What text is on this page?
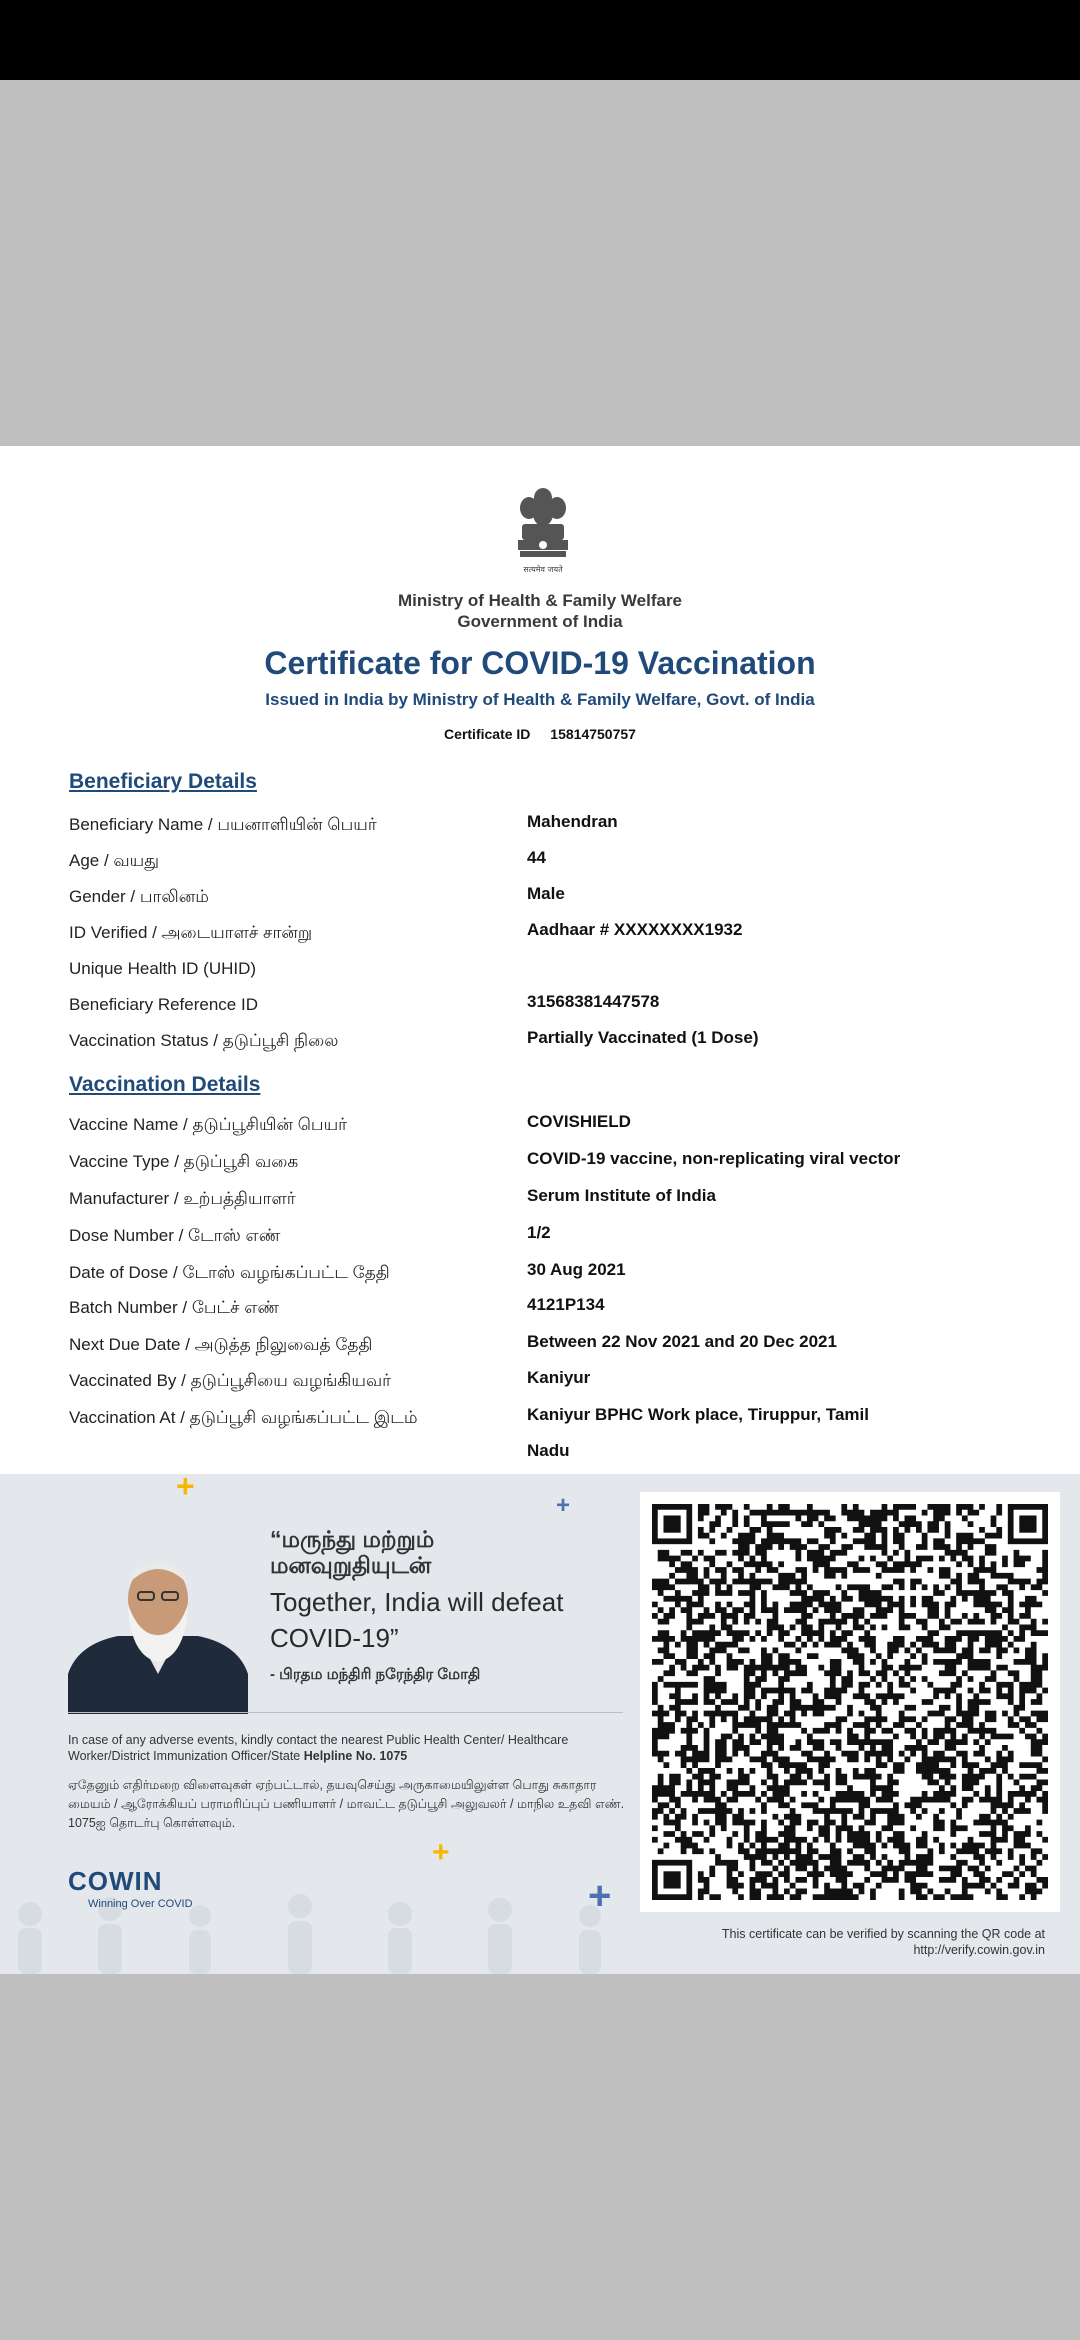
सत्यमेव जयते
Ministry of Health & Family Welfare
Government of India
Certificate for COVID-19 Vaccination
Issued in India by Ministry of Health & Family Welfare, Govt. of India
Certificate ID 15814750757
Beneficiary Details
Beneficiary Name / பயனாளியின் பெயர்	Mahendran
Age / வயது	44
Gender / பாலினம்	Male
ID Verified / அடையாளச் சான்று	Aadhaar # XXXXXXXX1932
Unique Health ID (UHID)
Beneficiary Reference ID	31568381447578
Vaccination Status / தடுப்பூசி நிலை	Partially Vaccinated (1 Dose)
Vaccination Details
Vaccine Name / தடுப்பூசியின் பெயர்	COVISHIELD
Vaccine Type / தடுப்பூசி வகை	COVID-19 vaccine, non-replicating viral vector
Manufacturer / உற்பத்தியாளர்	Serum Institute of India
Dose Number / டோஸ் எண்	1/2
Date of Dose / டோஸ் வழங்கப்பட்ட தேதி	30 Aug 2021
Batch Number / பேட்ச் எண்	4121P134
Next Due Date / அடுத்த நிலுவைத் தேதி	Between 22 Nov 2021 and 20 Dec 2021
Vaccinated By / தடுப்பூசியை வழங்கியவர்	Kaniyur
Vaccination At / தடுப்பூசி வழங்கப்பட்ட இடம்	Kaniyur BPHC Work place, Tiruppur, Tamil
Nadu
+
+
+
+
“மருந்து மற்றும் மனவுறுதியுடன்
Together, India will defeat COVID-19”
- பிரதம மந்திரி நரேந்திர மோதி
In case of any adverse events, kindly contact the nearest Public Health Center/ Healthcare Worker/District Immunization Officer/State Helpline No. 1075
ஏதேனும் எதிர்மறை விளைவுகள் ஏற்பட்டால், தயவுசெய்து அருகாமையிலுள்ள பொது சுகாதார மையம் / ஆரோக்கியப் பராமரிப்புப் பணியாளர் / மாவட்ட தடுப்பூசி அலுவலர் / மாநில உதவி எண். 1075ஐ தொடர்பு கொள்ளவும்.
COWIN
Winning Over COVID
This certificate can be verified by scanning the QR code at
http://verify.cowin.gov.in
